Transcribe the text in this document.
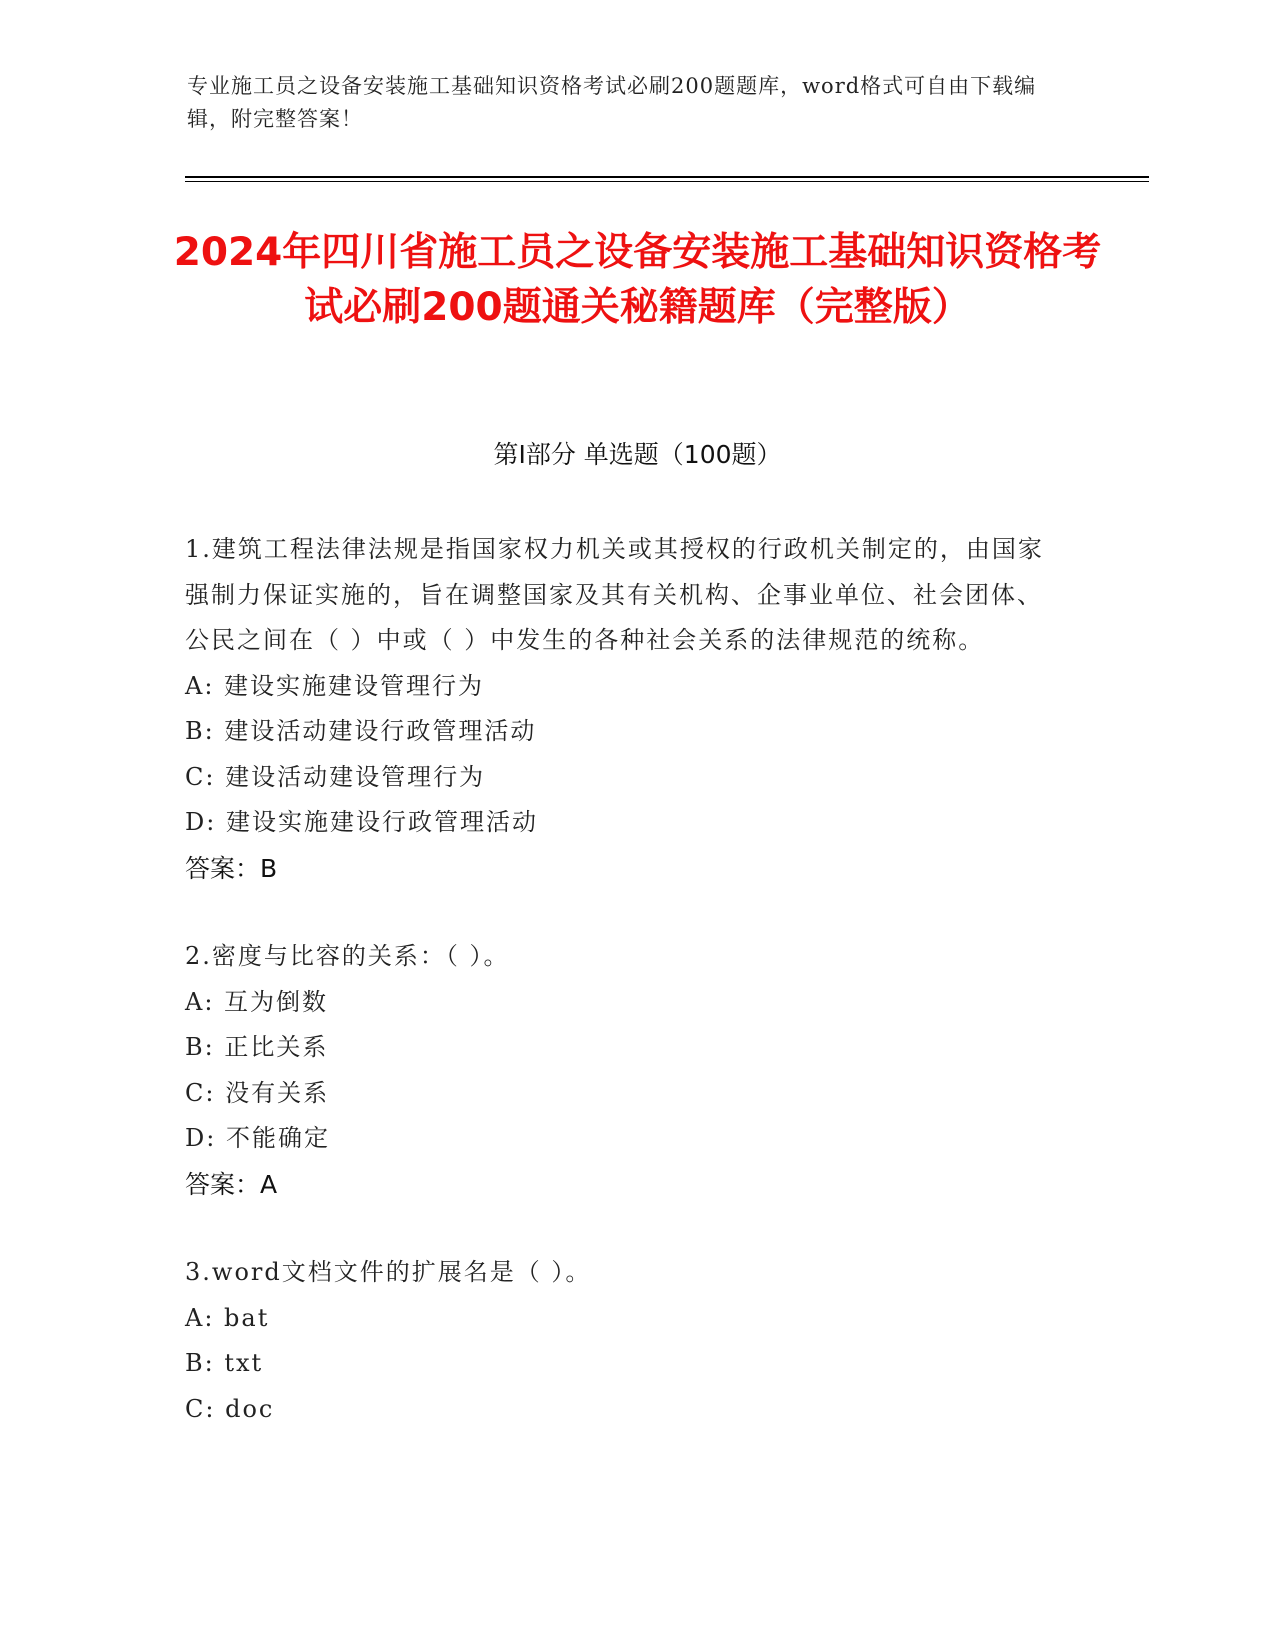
专业施工员之设备安装施工基础知识资格考试必刷200题题库，word格式可自由下载编辑，附完整答案！
2024年四川省施工员之设备安装施工基础知识资格考试必刷200题通关秘籍题库（完整版）
第I部分 单选题（100题）

1.建筑工程法律法规是指国家权力机关或其授权的行政机关制定的，由国家强制力保证实施的，旨在调整国家及其有关机构、企事业单位、社会团体、公民之间在（ ）中或（ ）中发生的各种社会关系的法律规范的统称。

A: 建设实施建设管理行为
B: 建设活动建设行政管理活动
C: 建设活动建设管理行为
D: 建设实施建设行政管理活动
答案：B

2.密度与比容的关系：（ ）。

A: 互为倒数
B: 正比关系
C: 没有关系
D: 不能确定
答案：A

3.word文档文件的扩展名是（ ）。

A: bat
B: txt
C: doc
